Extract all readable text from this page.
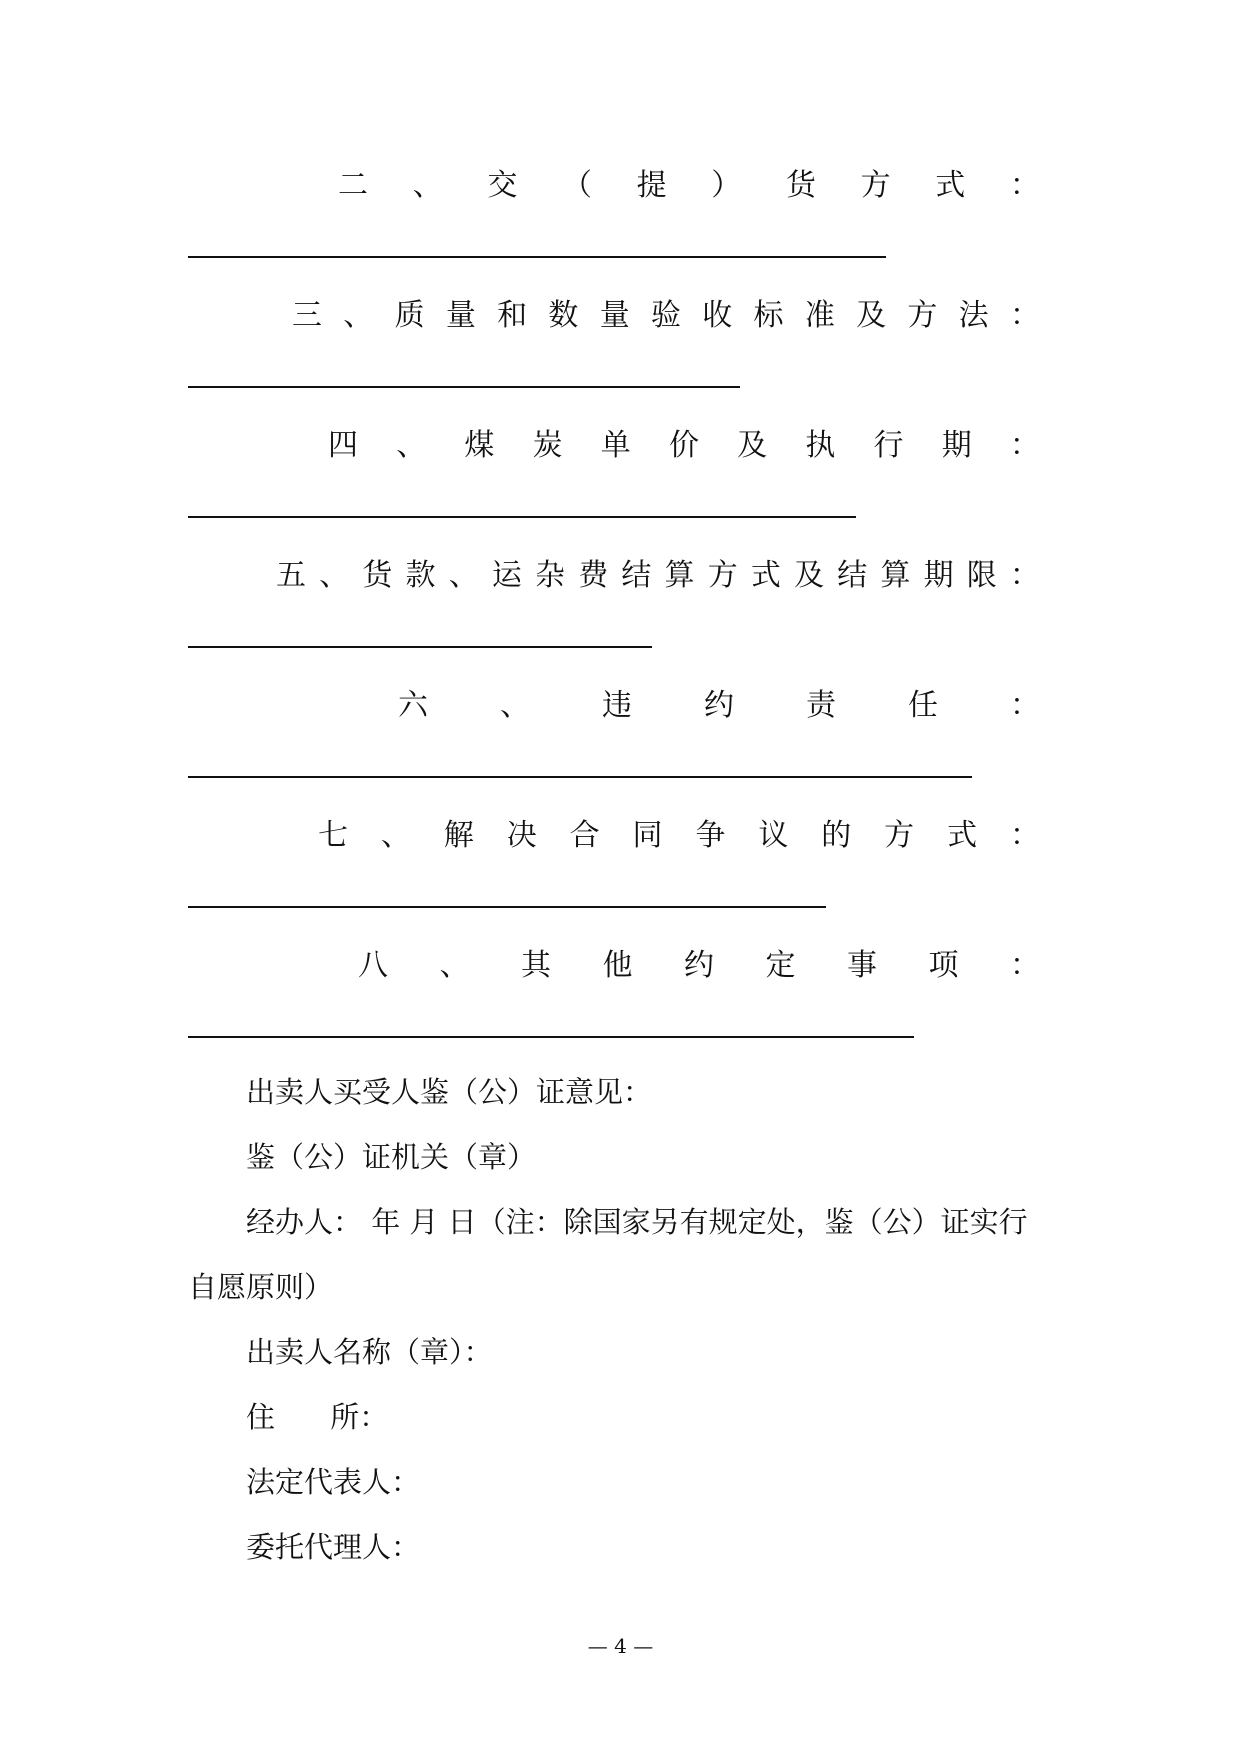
二 、 交 （ 提 ） 货 方 式 ：
三 、 质 量 和 数 量 验 收 标 准 及 方 法 ：
四 、 煤 炭 单 价 及 执 行 期 ：
五 、 货 款 、 运 杂 费 结 算 方 式 及 结 算 期 限 ：
六 、 违 约 责 任 ：
七 、 解 决 合 同 争 议 的 方 式 ：
八 、 其 他 约 定 事 项 ：
出卖人买受人鉴（公）证意见：
鉴（公）证机关（章）
经办人： 年 月 日（注：除国家另有规定处，鉴（公）证实行
自愿原则）
出卖人名称（章）：
住      所：
法定代表人：
委托代理人：
— 4 —
